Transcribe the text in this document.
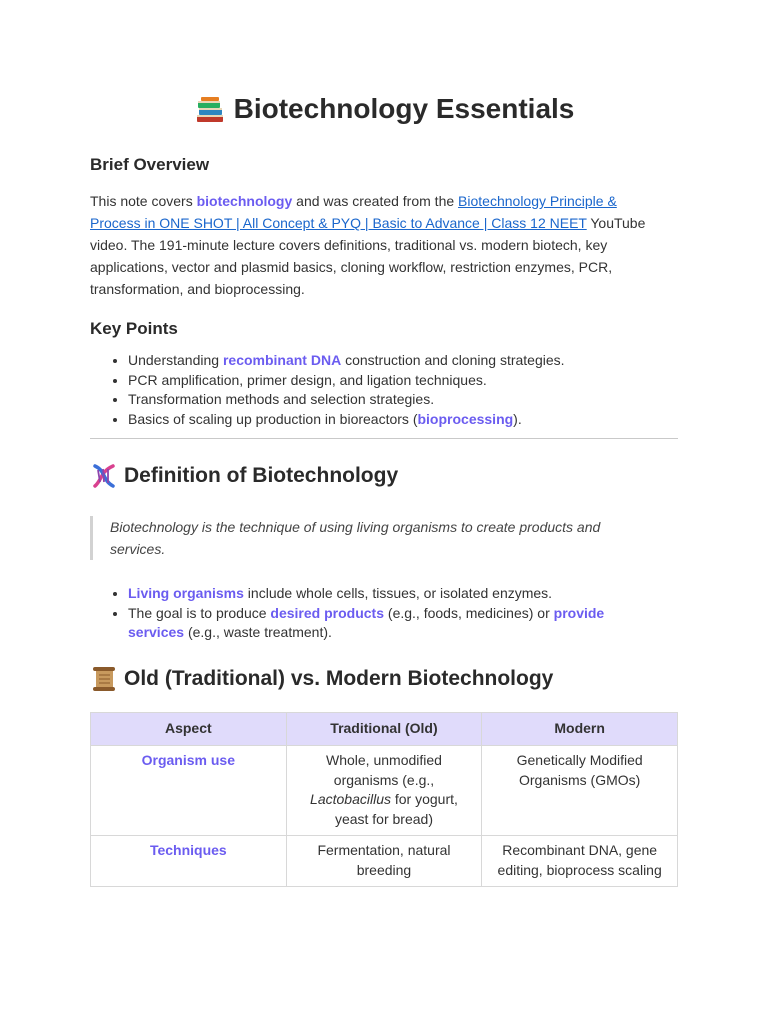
Biotechnology Essentials
Brief Overview

This note covers biotechnology and was created from the Biotechnology Principle &
Process in ONE SHOT | All Concept & PYQ | Basic to Advance | Class 12 NEET YouTube
video. The 191-minute lecture covers definitions, traditional vs. modern biotech, key
applications, vector and plasmid basics, cloning workflow, restriction enzymes, PCR,
transformation, and bioprocessing.

Key Points
• Understanding recombinant DNA construction and cloning strategies.
• PCR amplification, primer design, and ligation techniques.
• Transformation methods and selection strategies.
• Basics of scaling up production in bioreactors (bioprocessing).
Definition of Biotechnology
Biotechnology is the technique of using living organisms to create products and
services.
• Living organisms include whole cells, tissues, or isolated enzymes.
• The goal is to produce desired products (e.g., foods, medicines) or provide
services (e.g., waste treatment).
Old (Traditional) vs. Modern Biotechnology
Aspect	Traditional (Old)	Modern
Organism use	Whole, unmodified
organisms (e.g.,
Lactobacillus for yogurt,
yeast for bread)	Genetically Modified
Organisms (GMOs)
Techniques	Fermentation, natural
breeding	Recombinant DNA, gene
editing, bioprocess scaling
